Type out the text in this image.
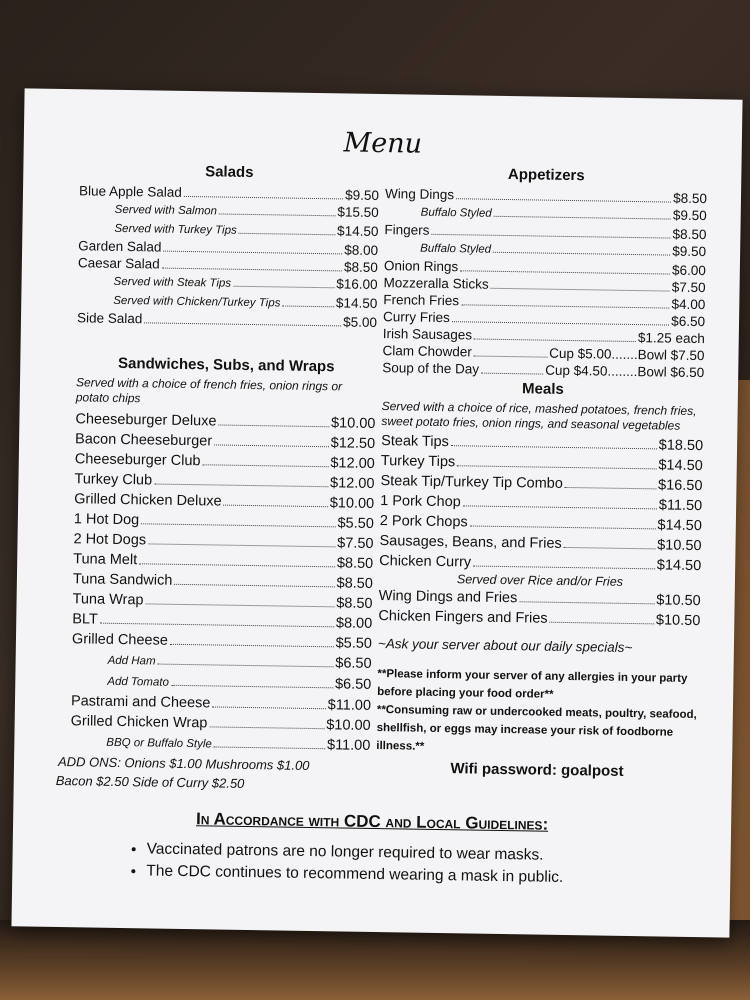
Menu
Salads
Blue Apple Salad	$9.50
Served with Salmon	$15.50
Served with Turkey Tips	$14.50
Garden Salad	$8.00
Caesar Salad	$8.50
Served with Steak Tips	$16.00
Served with Chicken/Turkey Tips	$14.50
Side Salad	$5.00
Sandwiches, Subs, and Wraps
Served with a choice of french fries, onion rings or potato chips
Cheeseburger Deluxe	$10.00
Bacon Cheeseburger	$12.50
Cheeseburger Club	$12.00
Turkey Club	$12.00
Grilled Chicken Deluxe	$10.00
1 Hot Dog	$5.50
2 Hot Dogs	$7.50
Tuna Melt	$8.50
Tuna Sandwich	$8.50
Tuna Wrap	$8.50
BLT	$8.00
Grilled Cheese	$5.50
Add Ham	$6.50
Add Tomato	$6.50
Pastrami and Cheese	$11.00
Grilled Chicken Wrap	$10.00
BBQ or Buffalo Style	$11.00
ADD ONS: Onions $1.00 Mushrooms $1.00
Bacon $2.50 Side of Curry $2.50
Appetizers
Wing Dings	$8.50
Buffalo Styled	$9.50
Fingers	$8.50
Buffalo Styled	$9.50
Onion Rings	$6.00
Mozzeralla Sticks	$7.50
French Fries	$4.00
Curry Fries	$6.50
Irish Sausages	$1.25 each
Clam Chowder	Cup $5.00.......Bowl $7.50
Soup of the Day	Cup $4.50........Bowl $6.50
Meals
Served with a choice of rice, mashed potatoes, french fries, sweet potato fries, onion rings, and seasonal vegetables
Steak Tips	$18.50
Turkey Tips	$14.50
Steak Tip/Turkey Tip Combo	$16.50
1 Pork Chop	$11.50
2 Pork Chops	$14.50
Sausages, Beans, and Fries	$10.50
Chicken Curry	$14.50
Served over Rice and/or Fries
Wing Dings and Fries	$10.50
Chicken Fingers and Fries	$10.50
~Ask your server about our daily specials~
**Please inform your server of any allergies in your party before placing your food order**
**Consuming raw or undercooked meats, poultry, seafood, shellfish, or eggs may increase your risk of foodborne illness.**
Wifi password: goalpost
In Accordance with CDC and Local Guidelines:
• Vaccinated patrons are no longer required to wear masks.
• The CDC continues to recommend wearing a mask in public.
